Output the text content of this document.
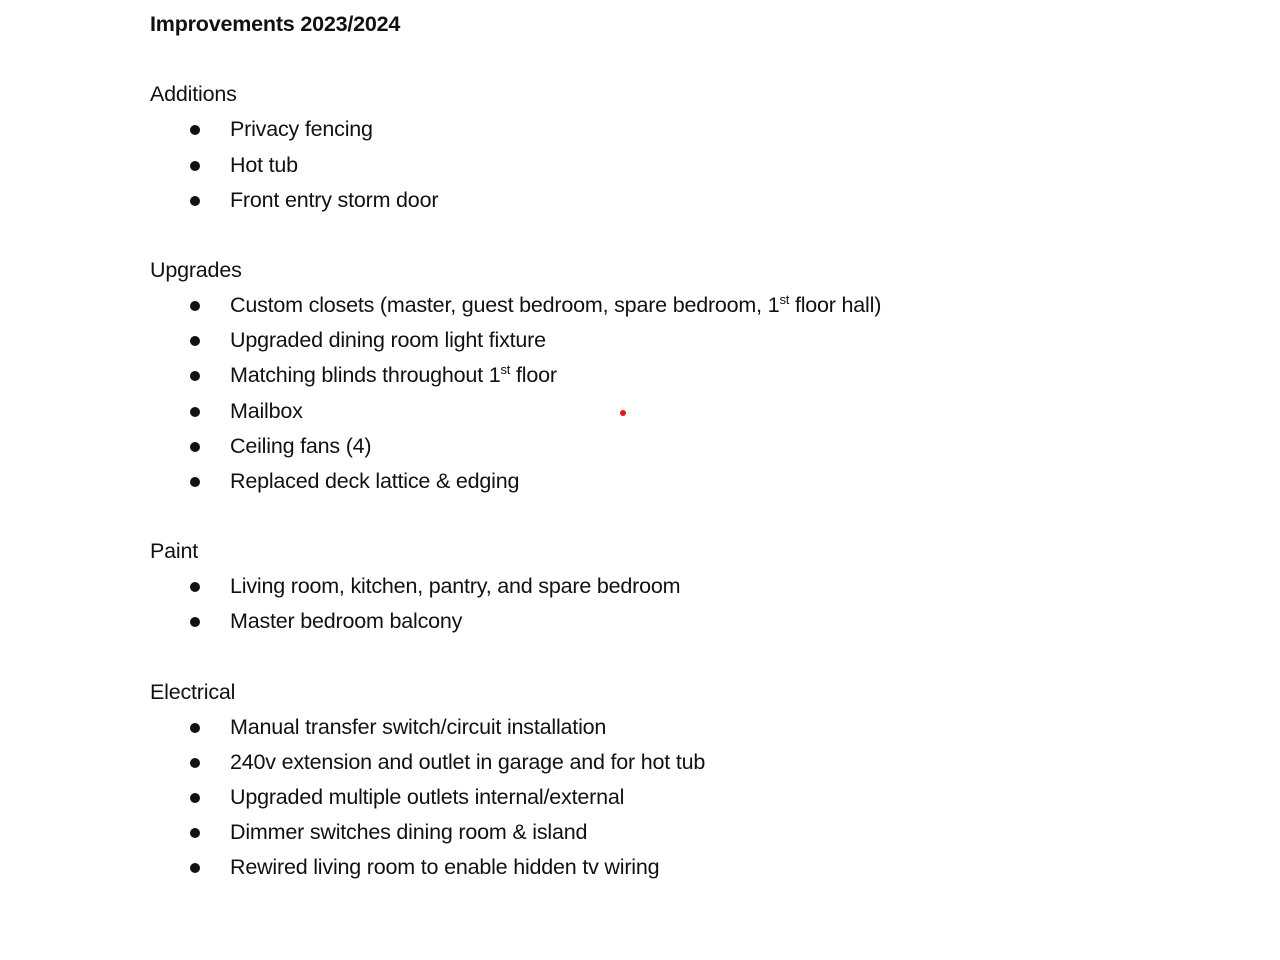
Improvements 2023/2024
Additions
Privacy fencing
Hot tub
Front entry storm door
Upgrades
Custom closets (master, guest bedroom, spare bedroom, 1st floor hall)
Upgraded dining room light fixture
Matching blinds throughout 1st floor
Mailbox
Ceiling fans (4)
Replaced deck lattice & edging
Paint
Living room, kitchen, pantry, and spare bedroom
Master bedroom balcony
Electrical
Manual transfer switch/circuit installation
240v extension and outlet in garage and for hot tub
Upgraded multiple outlets internal/external
Dimmer switches dining room & island
Rewired living room to enable hidden tv wiring
